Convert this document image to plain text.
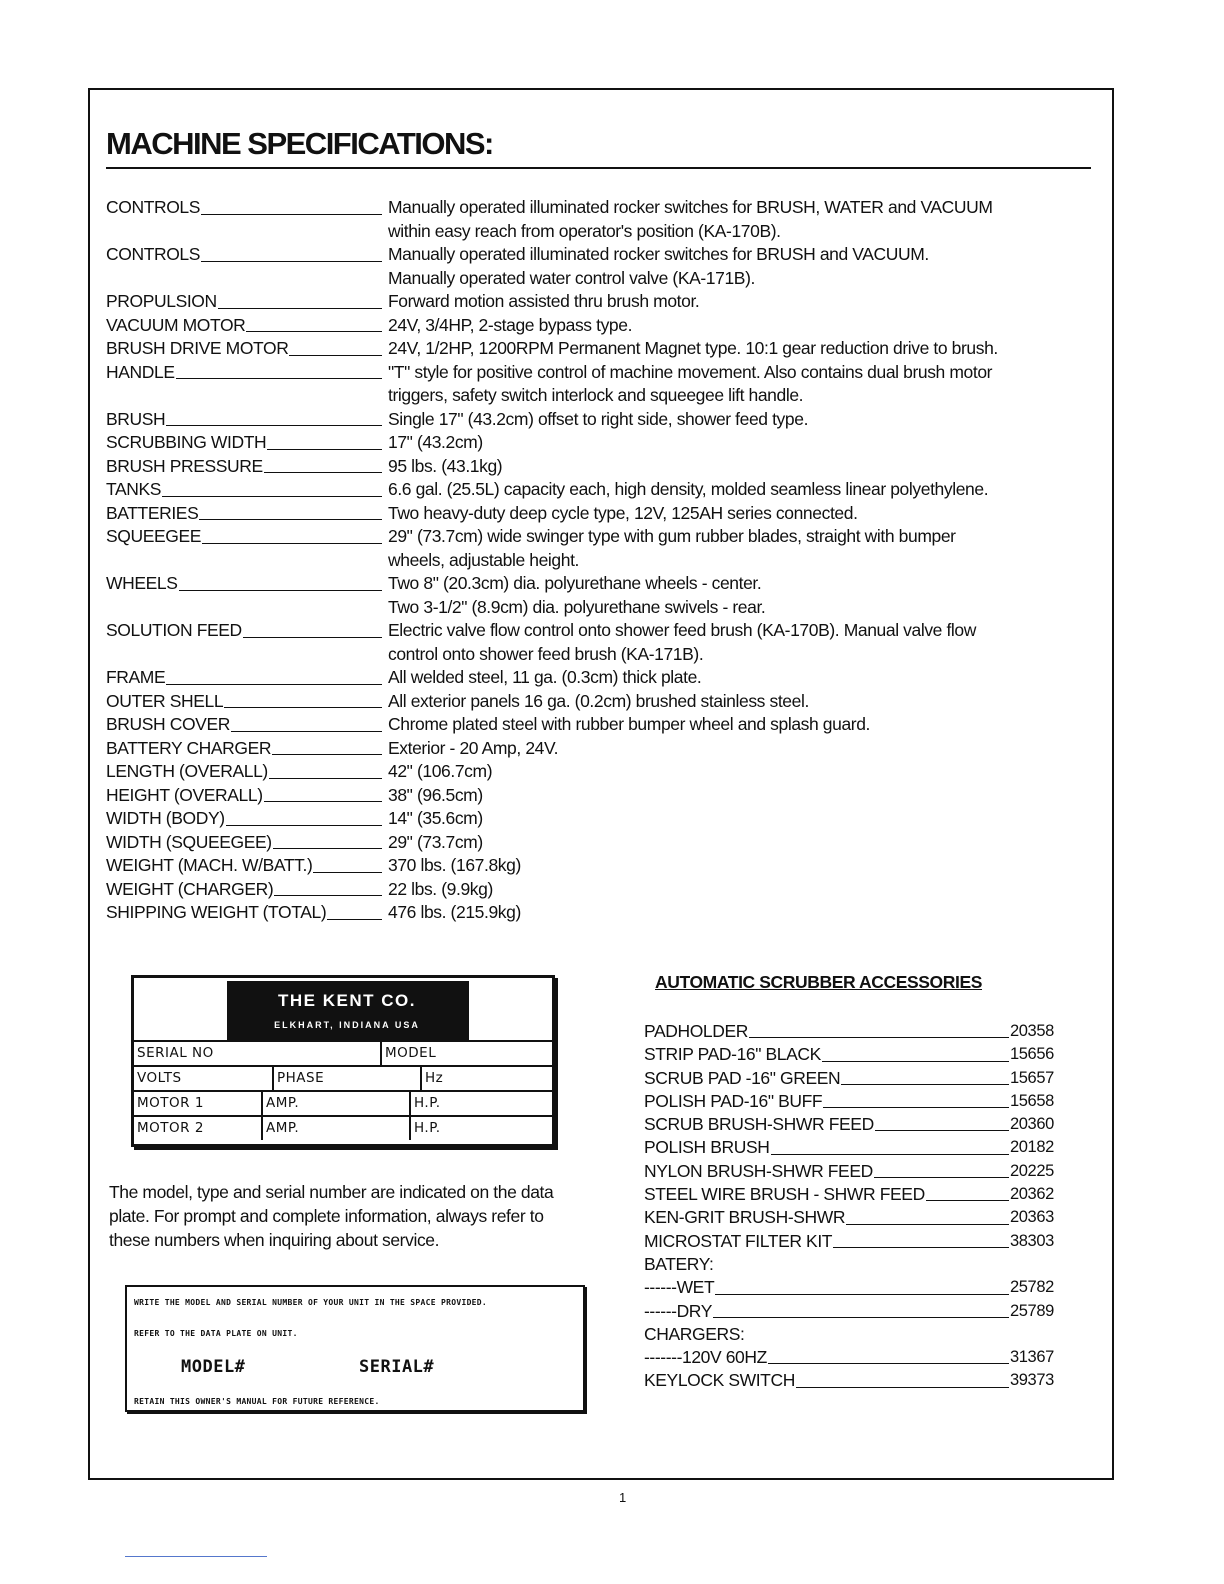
MACHINE SPECIFICATIONS:
CONTROLS	Manually operated illuminated rocker switches for BRUSH, WATER and VACUUM
within easy reach from operator's position (KA-170B).
CONTROLS	Manually operated illuminated rocker switches for BRUSH and VACUUM.
Manually operated water control valve (KA-171B).
PROPULSION	Forward motion assisted thru brush motor.
VACUUM MOTOR	24V, 3/4HP, 2-stage bypass type.
BRUSH DRIVE MOTOR	24V, 1/2HP, 1200RPM Permanent Magnet type. 10:1 gear reduction drive to brush.
HANDLE	"T" style for positive control of machine movement. Also contains dual brush motor
triggers, safety switch interlock and squeegee lift handle.
BRUSH	Single 17" (43.2cm) offset to right side, shower feed type.
SCRUBBING WIDTH	17" (43.2cm)
BRUSH PRESSURE	95 lbs. (43.1kg)
TANKS	6.6 gal. (25.5L) capacity each, high density, molded seamless linear polyethylene.
BATTERIES	Two heavy-duty deep cycle type, 12V, 125AH series connected.
SQUEEGEE	29" (73.7cm) wide swinger type with gum rubber blades, straight with bumper
wheels, adjustable height.
WHEELS	Two 8" (20.3cm) dia. polyurethane wheels - center.
Two 3-1/2" (8.9cm) dia. polyurethane swivels - rear.
SOLUTION FEED	Electric valve flow control onto shower feed brush (KA-170B). Manual valve flow
control onto shower feed brush (KA-171B).
FRAME	All welded steel, 11 ga. (0.3cm) thick plate.
OUTER SHELL	All exterior panels 16 ga. (0.2cm) brushed stainless steel.
BRUSH COVER	Chrome plated steel with rubber bumper wheel and splash guard.
BATTERY CHARGER	Exterior - 20 Amp, 24V.
LENGTH (OVERALL)	42" (106.7cm)
HEIGHT (OVERALL)	38" (96.5cm)
WIDTH (BODY)	14" (35.6cm)
WIDTH (SQUEEGEE)	29" (73.7cm)
WEIGHT (MACH. W/BATT.)	370 lbs. (167.8kg)
WEIGHT (CHARGER)	22 lbs. (9.9kg)
SHIPPING WEIGHT (TOTAL)	476 lbs. (215.9kg)
THE KENT CO.
ELKHART, INDIANA USA
SERIAL NO	MODEL
VOLTS	PHASE	Hz
MOTOR 1	AMP.	H.P.
MOTOR 2	AMP.	H.P.
The model, type and serial number are indicated on the data plate. For prompt and complete information, always refer to these numbers when inquiring about service.
WRITE THE MODEL AND SERIAL NUMBER OF YOUR UNIT IN THE SPACE PROVIDED.
REFER TO THE DATA PLATE ON UNIT.
MODEL#	SERIAL#
RETAIN THIS OWNER'S MANUAL FOR FUTURE REFERENCE.
AUTOMATIC SCRUBBER ACCESSORIES
PADHOLDER	20358
STRIP PAD-16" BLACK	15656
SCRUB PAD -16" GREEN	15657
POLISH PAD-16" BUFF	15658
SCRUB BRUSH-SHWR FEED	20360
POLISH BRUSH	20182
NYLON BRUSH-SHWR FEED	20225
STEEL WIRE BRUSH - SHWR FEED	20362
KEN-GRIT BRUSH-SHWR	20363
MICROSTAT FILTER KIT	38303
BATERY:
------WET	25782
------DRY	25789
CHARGERS:
-------120V 60HZ	31367
KEYLOCK SWITCH	39373
1
